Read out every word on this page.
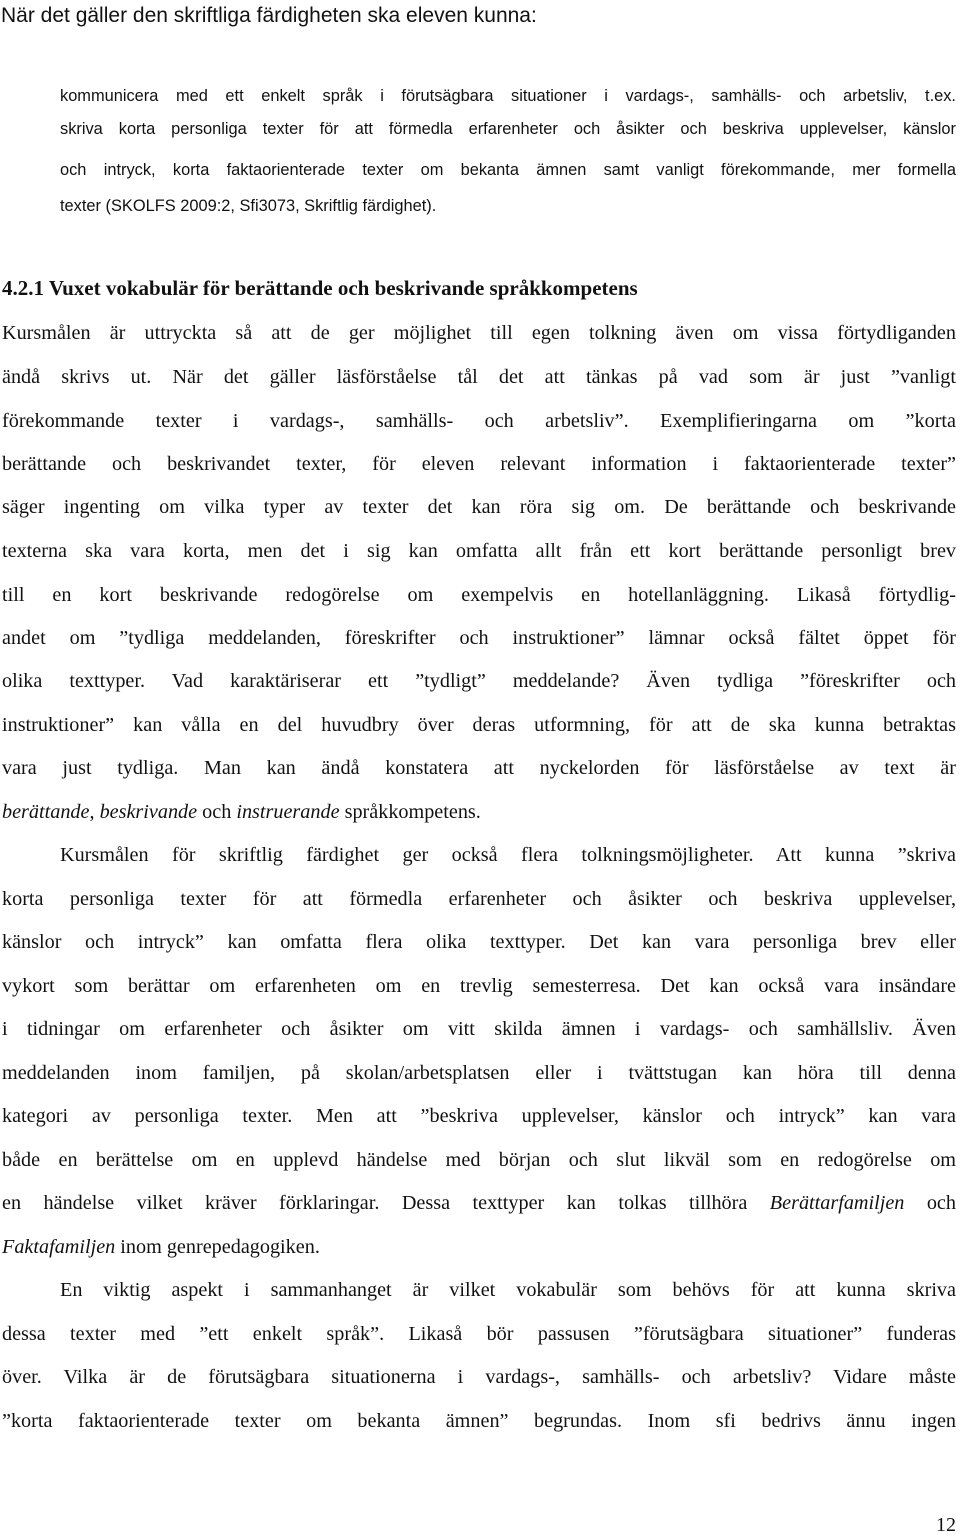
När det gäller den skriftliga färdigheten ska eleven kunna:
kommunicera med ett enkelt språk i förutsägbara situationer i vardags-, samhälls- och arbetsliv, t.ex.
skriva korta personliga texter för att förmedla erfarenheter och åsikter och beskriva upplevelser, känslor
och intryck, korta faktaorienterade texter om bekanta ämnen samt vanligt förekommande, mer formella
texter (SKOLFS 2009:2, Sfi3073, Skriftlig färdighet).
4.2.1 Vuxet vokabulär för berättande och beskrivande språkkompetens
Kursmålen är uttryckta så att de ger möjlighet till egen tolkning även om vissa förtydliganden
ändå skrivs ut. När det gäller läsförståelse tål det att tänkas på vad som är just ”vanligt
förekommande texter i vardags-, samhälls- och arbetsliv”. Exemplifieringarna om ”korta
berättande och beskrivandet texter, för eleven relevant information i faktaorienterade texter”
säger ingenting om vilka typer av texter det kan röra sig om. De berättande och beskrivande
texterna ska vara korta, men det i sig kan omfatta allt från ett kort berättande personligt brev
till en kort beskrivande redogörelse om exempelvis en hotellanläggning. Likaså förtydlig-
andet om ”tydliga meddelanden, föreskrifter och instruktioner” lämnar också fältet öppet för
olika texttyper. Vad karaktäriserar ett ”tydligt” meddelande? Även tydliga ”föreskrifter och
instruktioner” kan vålla en del huvudbry över deras utformning, för att de ska kunna betraktas
vara just tydliga. Man kan ändå konstatera att nyckelorden för läsförståelse av text är
berättande, beskrivande och instruerande språkkompetens.
Kursmålen för skriftlig färdighet ger också flera tolkningsmöjligheter. Att kunna ”skriva
korta personliga texter för att förmedla erfarenheter och åsikter och beskriva upplevelser,
känslor och intryck” kan omfatta flera olika texttyper. Det kan vara personliga brev eller
vykort som berättar om erfarenheten om en trevlig semesterresa. Det kan också vara insändare
i tidningar om erfarenheter och åsikter om vitt skilda ämnen i vardags- och samhällsliv. Även
meddelanden inom familjen, på skolan/arbetsplatsen eller i tvättstugan kan höra till denna
kategori av personliga texter. Men att ”beskriva upplevelser, känslor och intryck” kan vara
både en berättelse om en upplevd händelse med början och slut likväl som en redogörelse om
en händelse vilket kräver förklaringar. Dessa texttyper kan tolkas tillhöra Berättarfamiljen och
Faktafamiljen inom genrepedagogiken.
En viktig aspekt i sammanhanget är vilket vokabulär som behövs för att kunna skriva
dessa texter med ”ett enkelt språk”. Likaså bör passusen ”förutsägbara situationer” funderas
över. Vilka är de förutsägbara situationerna i vardags-, samhälls- och arbetsliv? Vidare måste
”korta faktaorienterade texter om bekanta ämnen” begrundas. Inom sfi bedrivs ännu ingen
12
